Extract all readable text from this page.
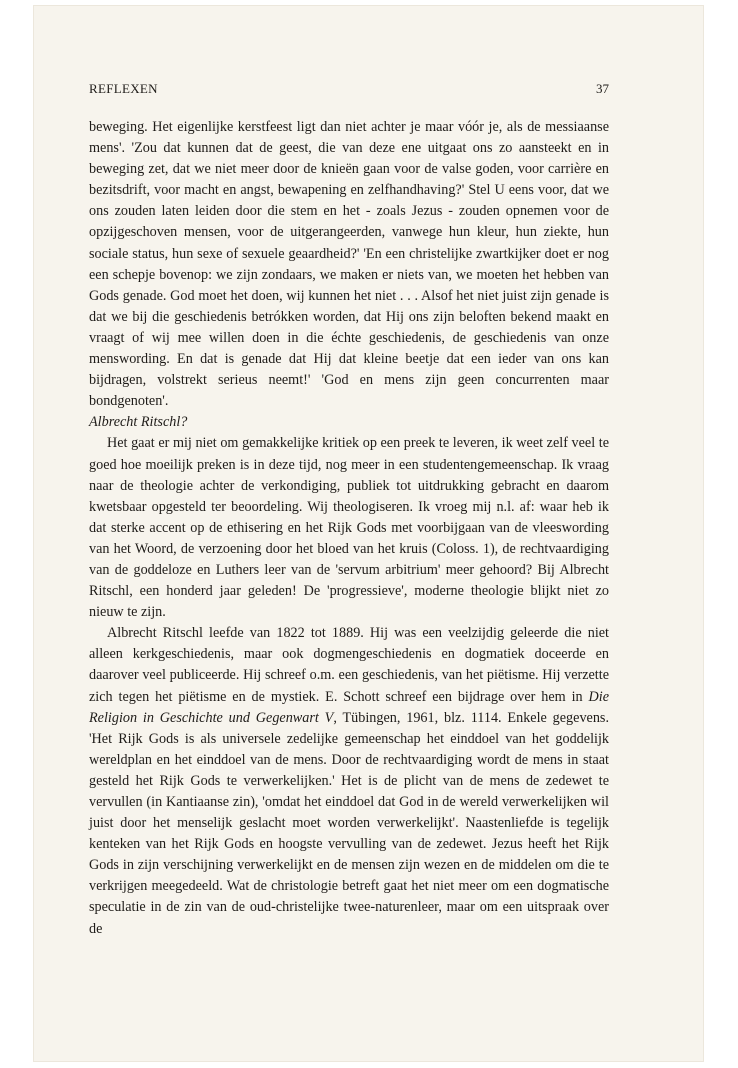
REFLEXEN	37

beweging. Het eigenlijke kerstfeest ligt dan niet achter je maar vóór je, als de messiaanse mens'. 'Zou dat kunnen dat de geest, die van deze ene uitgaat ons zo aansteekt en in beweging zet, dat we niet meer door de knieën gaan voor de valse goden, voor carrière en bezitsdrift, voor macht en angst, bewapening en zelfhandhaving?' Stel U eens voor, dat we ons zouden laten leiden door die stem en het - zoals Jezus - zouden opnemen voor de opzijgeschoven mensen, voor de uitgerangeerden, vanwege hun kleur, hun ziekte, hun sociale status, hun sexe of sexuele geaardheid?' 'En een christelijke zwartkijker doet er nog een schepje bovenop: we zijn zondaars, we maken er niets van, we moeten het hebben van Gods genade. God moet het doen, wij kunnen het niet . . . Alsof het niet juist zijn genade is dat we bij die geschiedenis betrókken worden, dat Hij ons zijn beloften bekend maakt en vraagt of wij mee willen doen in die échte geschiedenis, de geschiedenis van onze menswording. En dat is genade dat Hij dat kleine beetje dat een ieder van ons kan bijdragen, volstrekt serieus neemt!' 'God en mens zijn geen concurrenten maar bondgenoten'.

Albrecht Ritschl?

Het gaat er mij niet om gemakkelijke kritiek op een preek te leveren, ik weet zelf veel te goed hoe moeilijk preken is in deze tijd, nog meer in een studentengemeenschap. Ik vraag naar de theologie achter de verkondiging, publiek tot uitdrukking gebracht en daarom kwetsbaar opgesteld ter beoordeling. Wij theologiseren. Ik vroeg mij n.l. af: waar heb ik dat sterke accent op de ethisering en het Rijk Gods met voorbijgaan van de vleeswording van het Woord, de verzoening door het bloed van het kruis (Coloss. 1), de rechtvaardiging van de goddeloze en Luthers leer van de 'servum arbitrium' meer gehoord? Bij Albrecht Ritschl, een honderd jaar geleden! De 'progressieve', moderne theologie blijkt niet zo nieuw te zijn.

Albrecht Ritschl leefde van 1822 tot 1889. Hij was een veelzijdig geleerde die niet alleen kerkgeschiedenis, maar ook dogmengeschiedenis en dogmatiek doceerde en daarover veel publiceerde. Hij schreef o.m. een geschiedenis, van het piëtisme. Hij verzette zich tegen het piëtisme en de mystiek. E. Schott schreef een bijdrage over hem in Die Religion in Geschichte und Gegenwart V, Tübingen, 1961, blz. 1114. Enkele gegevens. 'Het Rijk Gods is als universele zedelijke gemeenschap het einddoel van het goddelijk wereldplan en het einddoel van de mens. Door de rechtvaardiging wordt de mens in staat gesteld het Rijk Gods te verwerkelijken.' Het is de plicht van de mens de zedewet te vervullen (in Kantiaanse zin), 'omdat het einddoel dat God in de wereld verwerkelijken wil juist door het menselijk geslacht moet worden verwerkelijkt'. Naastenliefde is tegelijk kenteken van het Rijk Gods en hoogste vervulling van de zedewet. Jezus heeft het Rijk Gods in zijn verschijning verwerkelijkt en de mensen zijn wezen en de middelen om die te verkrijgen meegedeeld. Wat de christologie betreft gaat het niet meer om een dogmatische speculatie in de zin van de oud-christelijke twee-naturenleer, maar om een uitspraak over de
